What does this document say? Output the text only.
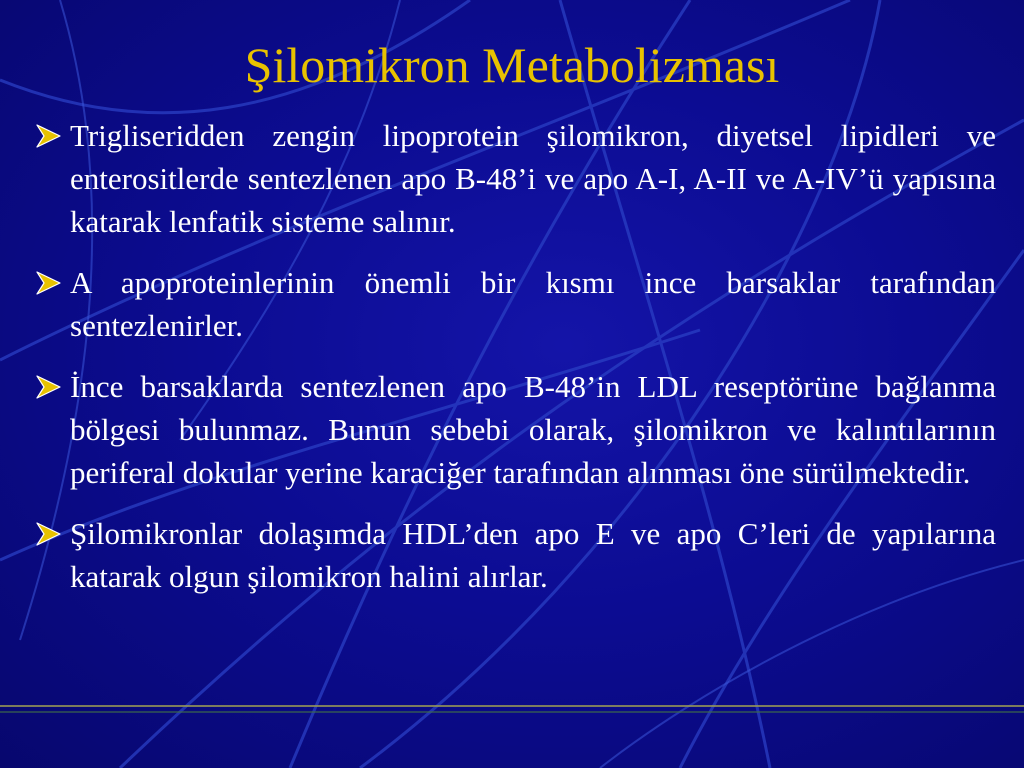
Şilomikron Metabolizması
Trigliseridden zengin lipoprotein şilomikron, diyetsel lipidleri ve enterositlerde sentezlenen apo B-48’i ve apo A-I, A-II ve A-IV’ü yapısına katarak lenfatik sisteme salınır.
A apoproteinlerinin önemli bir kısmı ince barsaklar tarafından sentezlenirler.
İnce barsaklarda sentezlenen apo B-48’in LDL reseptörüne bağlanma bölgesi bulunmaz. Bunun sebebi olarak, şilomikron ve kalıntılarının periferal dokular yerine karaciğer tarafından alınması öne sürülmektedir.
Şilomikronlar dolaşımda HDL’den apo E ve apo C’leri de yapılarına katarak olgun şilomikron halini alırlar.
